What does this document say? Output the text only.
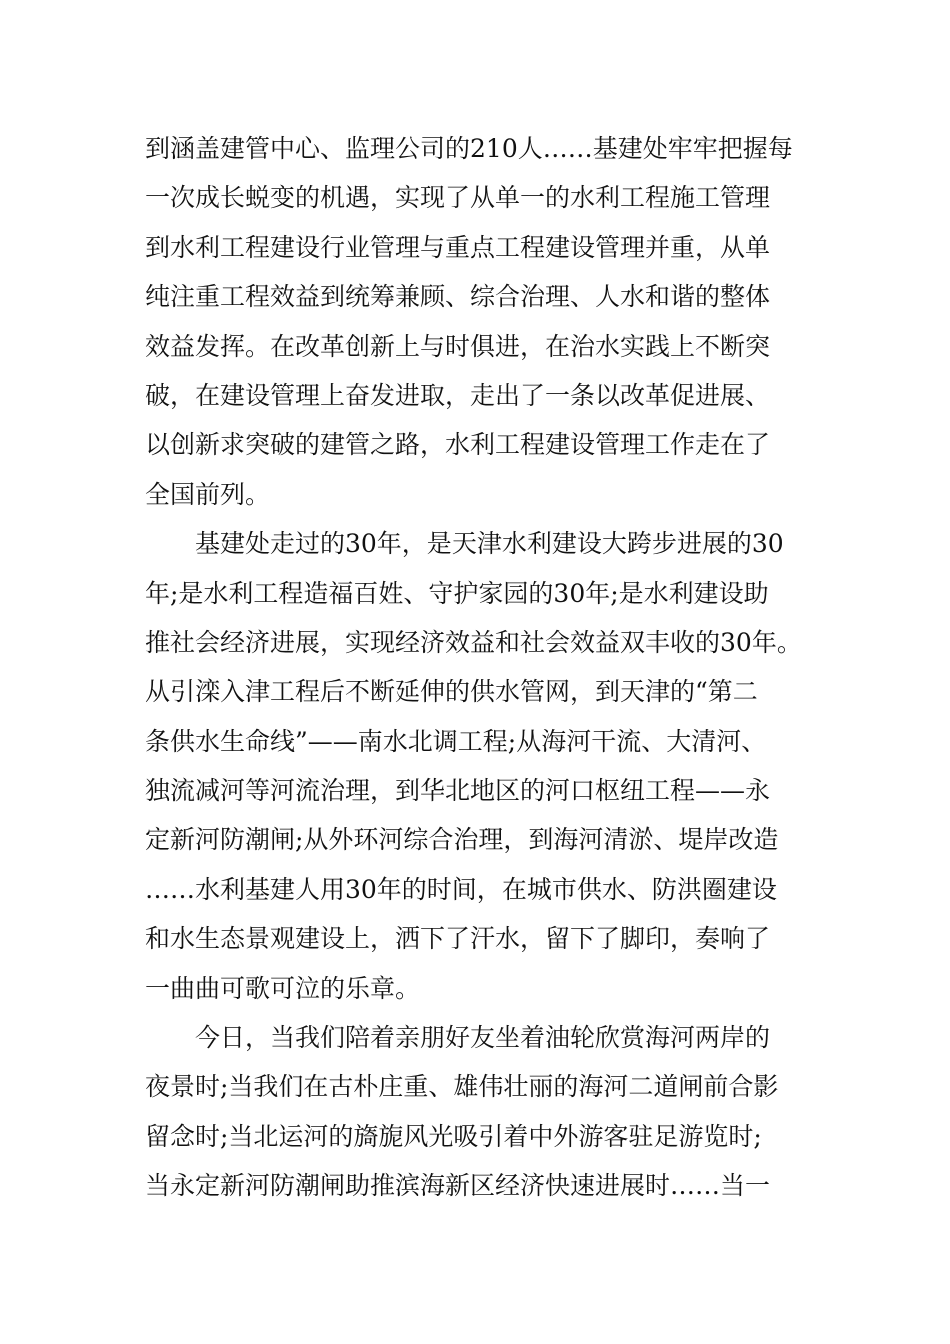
到涵盖建管中心、监理公司的210人……基建处牢牢把握每
一次成长蜕变的机遇，实现了从单一的水利工程施工管理
到水利工程建设行业管理与重点工程建设管理并重，从单
纯注重工程效益到统筹兼顾、综合治理、人水和谐的整体
效益发挥。在改革创新上与时俱进，在治水实践上不断突
破，在建设管理上奋发进取，走出了一条以改革促进展、
以创新求突破的建管之路，水利工程建设管理工作走在了
全国前列。
　　基建处走过的30年，是天津水利建设大跨步进展的30
年;是水利工程造福百姓、守护家园的30年;是水利建设助
推社会经济进展，实现经济效益和社会效益双丰收的30年。
从引滦入津工程后不断延伸的供水管网，到天津的“第二
条供水生命线”——南水北调工程;从海河干流、大清河、
独流减河等河流治理，到华北地区的河口枢纽工程——永
定新河防潮闸;从外环河综合治理，到海河清淤、堤岸改造
……水利基建人用30年的时间，在城市供水、防洪圈建设
和水生态景观建设上，洒下了汗水，留下了脚印，奏响了
一曲曲可歌可泣的乐章。
　　今日，当我们陪着亲朋好友坐着油轮欣赏海河两岸的
夜景时;当我们在古朴庄重、雄伟壮丽的海河二道闸前合影
留念时;当北运河的旖旎风光吸引着中外游客驻足游览时;
当永定新河防潮闸助推滨海新区经济快速进展时……当一
